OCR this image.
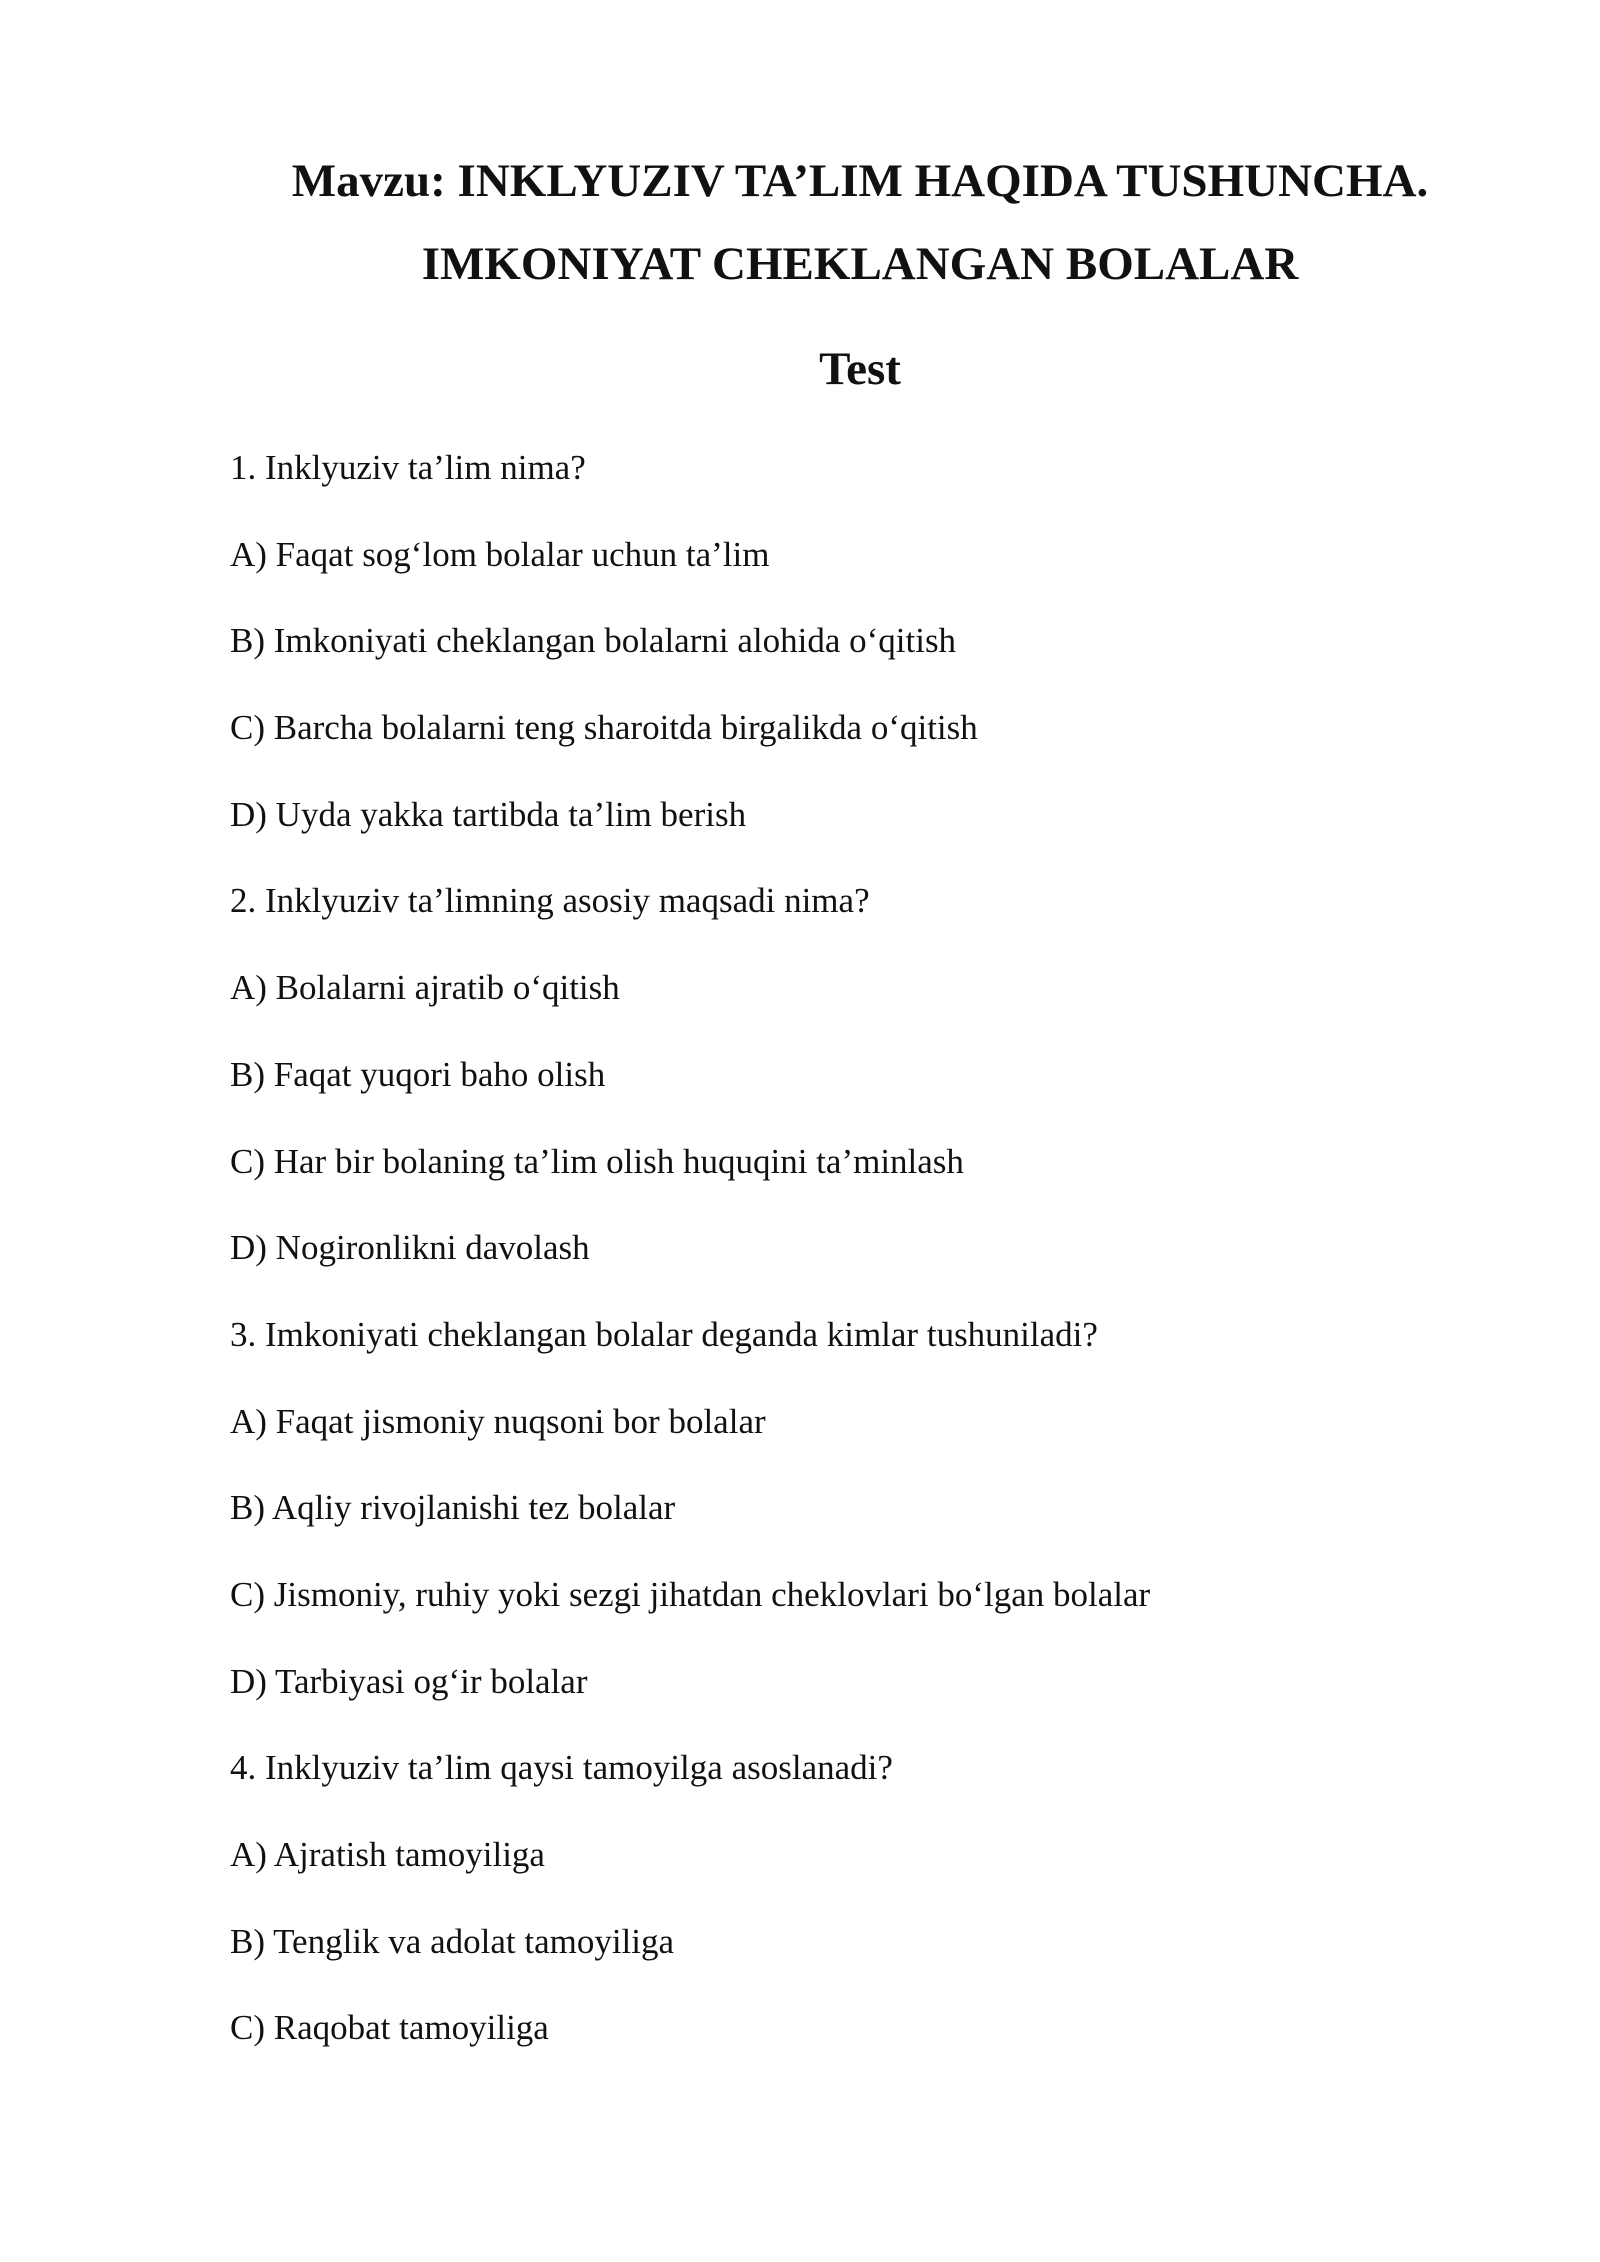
Mavzu: INKLYUZIV TA’LIM HAQIDA TUSHUNCHA.
IMKONIYAT CHEKLANGAN BOLALAR
Test
1. Inklyuziv ta’lim nima?
A) Faqat sog‘lom bolalar uchun ta’lim
B) Imkoniyati cheklangan bolalarni alohida o‘qitish
C) Barcha bolalarni teng sharoitda birgalikda o‘qitish
D) Uyda yakka tartibda ta’lim berish
2. Inklyuziv ta’limning asosiy maqsadi nima?
A) Bolalarni ajratib o‘qitish
B) Faqat yuqori baho olish
C) Har bir bolaning ta’lim olish huquqini ta’minlash
D) Nogironlikni davolash
3. Imkoniyati cheklangan bolalar deganda kimlar tushuniladi?
A) Faqat jismoniy nuqsoni bor bolalar
B) Aqliy rivojlanishi tez bolalar
C) Jismoniy, ruhiy yoki sezgi jihatdan cheklovlari bo‘lgan bolalar
D) Tarbiyasi og‘ir bolalar
4. Inklyuziv ta’lim qaysi tamoyilga asoslanadi?
A) Ajratish tamoyiliga
B) Tenglik va adolat tamoyiliga
C) Raqobat tamoyiliga
